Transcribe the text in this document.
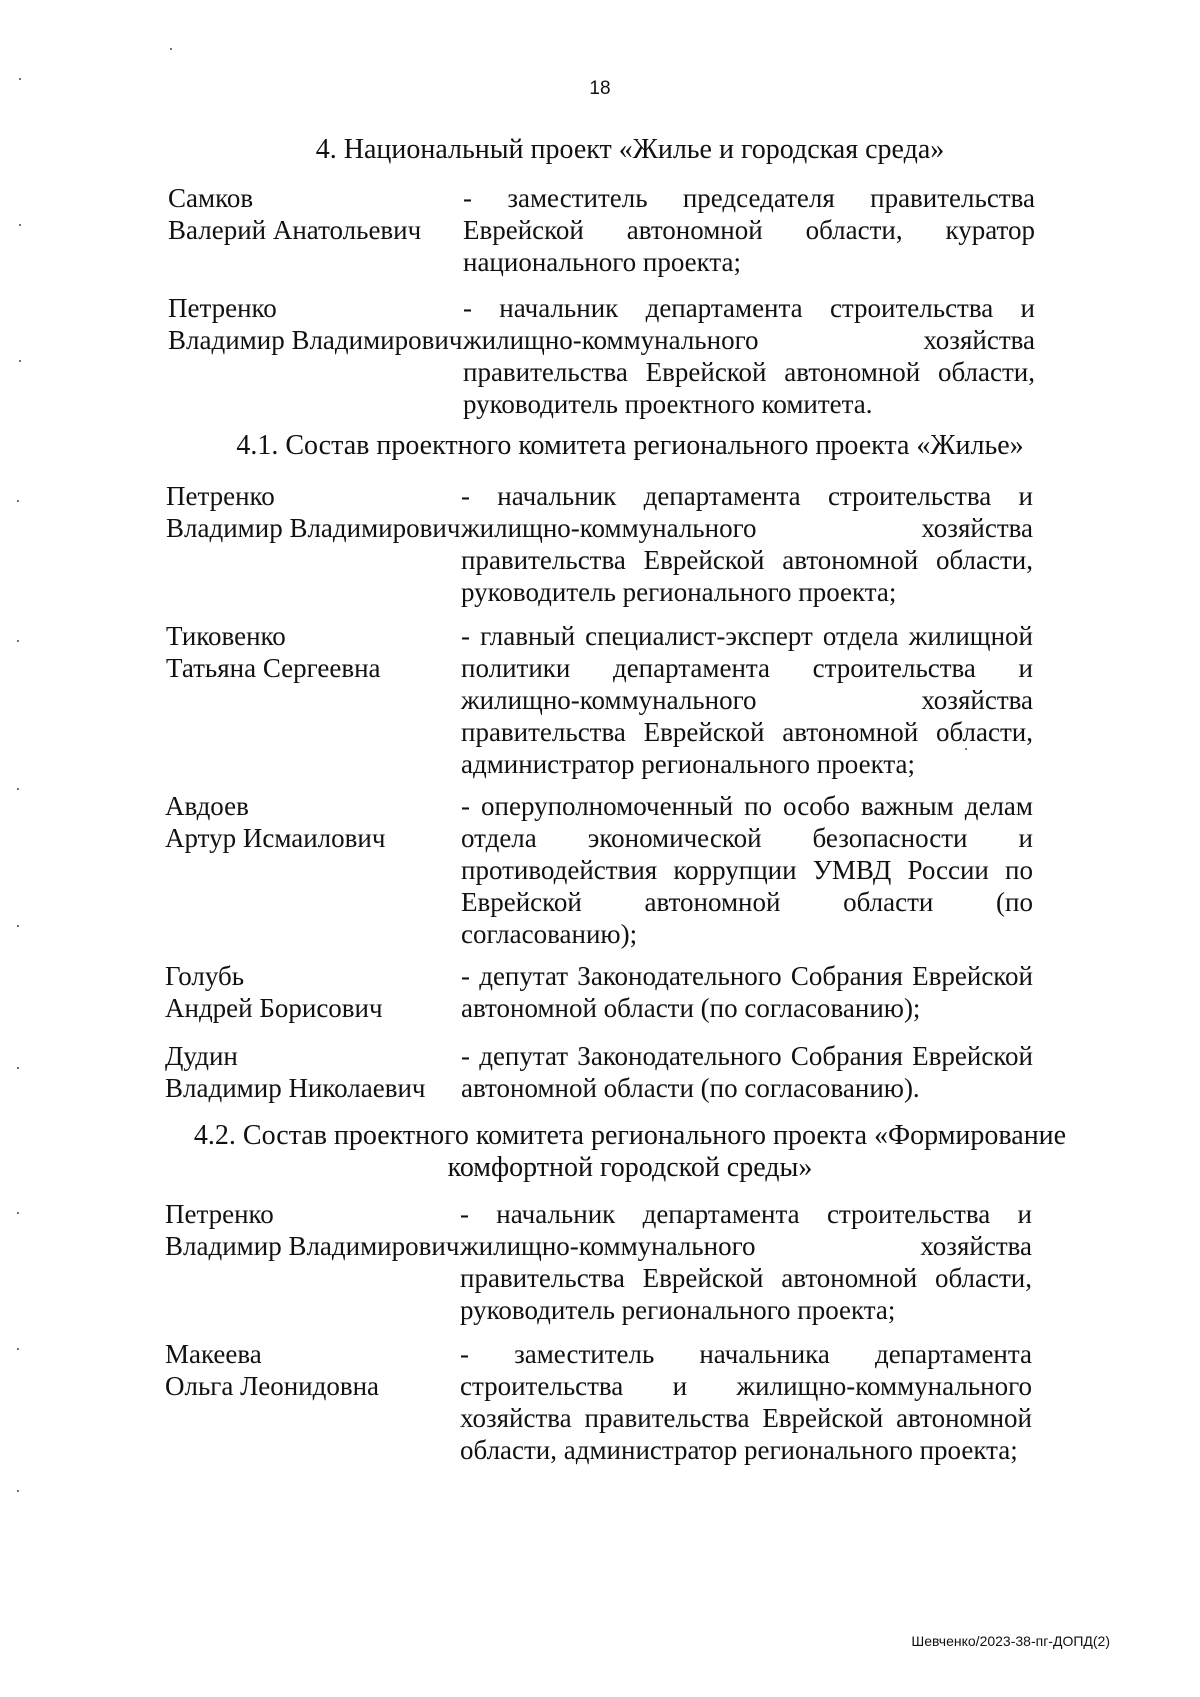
18
4. Национальный проект «Жилье и городская среда»
Самков
Валерий Анатольевич
- заместитель председателя правительства Еврейской автономной области, куратор национального проекта;
Петренко
Владимир Владимирович
- начальник департамента строительства и жилищно-коммунального хозяйства правительства Еврейской автономной области, руководитель проектного комитета.
4.1. Состав проектного комитета регионального проекта «Жилье»
Петренко
Владимир Владимирович
- начальник департамента строительства и жилищно-коммунального хозяйства правительства Еврейской автономной области, руководитель регионального проекта;
Тиковенко
Татьяна Сергеевна
- главный специалист-эксперт отдела жилищной политики департамента строительства и жилищно-коммунального хозяйства правительства Еврейской автономной области, администратор регионального проекта;
Авдоев
Артур Исмаилович
- оперуполномоченный по особо важным делам отдела экономической безопасности и противодействия коррупции УМВД России по Еврейской автономной области (по согласованию);
Голубь
Андрей Борисович
- депутат Законодательного Собрания Еврейской автономной области (по согласованию);
Дудин
Владимир Николаевич
- депутат Законодательного Собрания Еврейской автономной области (по согласованию).
4.2. Состав проектного комитета регионального проекта «Формирование
комфортной городской среды»
Петренко
Владимир Владимирович
- начальник департамента строительства и жилищно-коммунального хозяйства правительства Еврейской автономной области, руководитель регионального проекта;
Макеева
Ольга Леонидовна
- заместитель начальника департамента строительства и жилищно-коммунального хозяйства правительства Еврейской автономной области, администратор регионального проекта;
Шевченко/2023-38-пг-ДОПД(2)
